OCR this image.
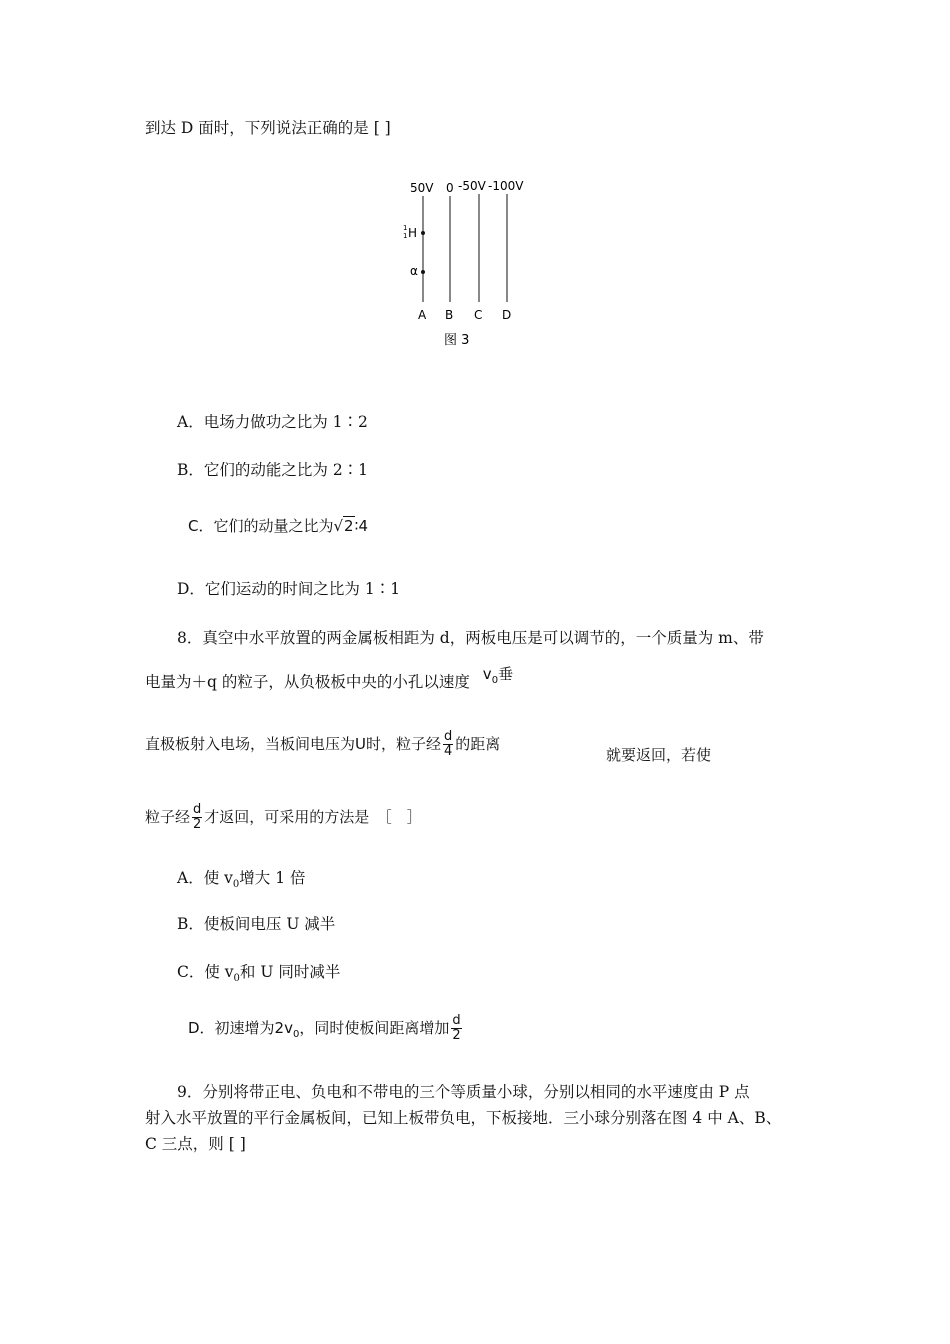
到达 D 面时，下列说法正确的是 [ ]
50V 0 -50V -100V
1
1 H
α
A B C D
图 3
A．电场力做功之比为 1∶2
B．它们的动能之比为 2∶1
C．它们的动量之比为√2∶4
D．它们运动的时间之比为 1∶1
8．真空中水平放置的两金属板相距为 d，两板电压是可以调节的，一个质量为 m、带
电量为＋q 的粒子，从负极板中央的小孔以速度 $v_0$垂
直极板射入电场，当板间电压为U时，粒子经 $\frac{d}{4}$ 的距离
就要返回，若使
粒子经 $\frac{d}{2}$ 才返回，可采用的方法是　［　］
A．使 $v_0$增大 1 倍
B．使板间电压 U 减半
C．使 $v_0$和 U 同时减半
D．初速增为$2v_0$，同时使板间距离增加 $\frac{d}{2}$
9．分别将带正电、负电和不带电的三个等质量小球，分别以相同的水平速度由 P 点
射入水平放置的平行金属板间，已知上板带负电，下板接地．三小球分别落在图 4 中 A、B、
C 三点，则 [ ]
